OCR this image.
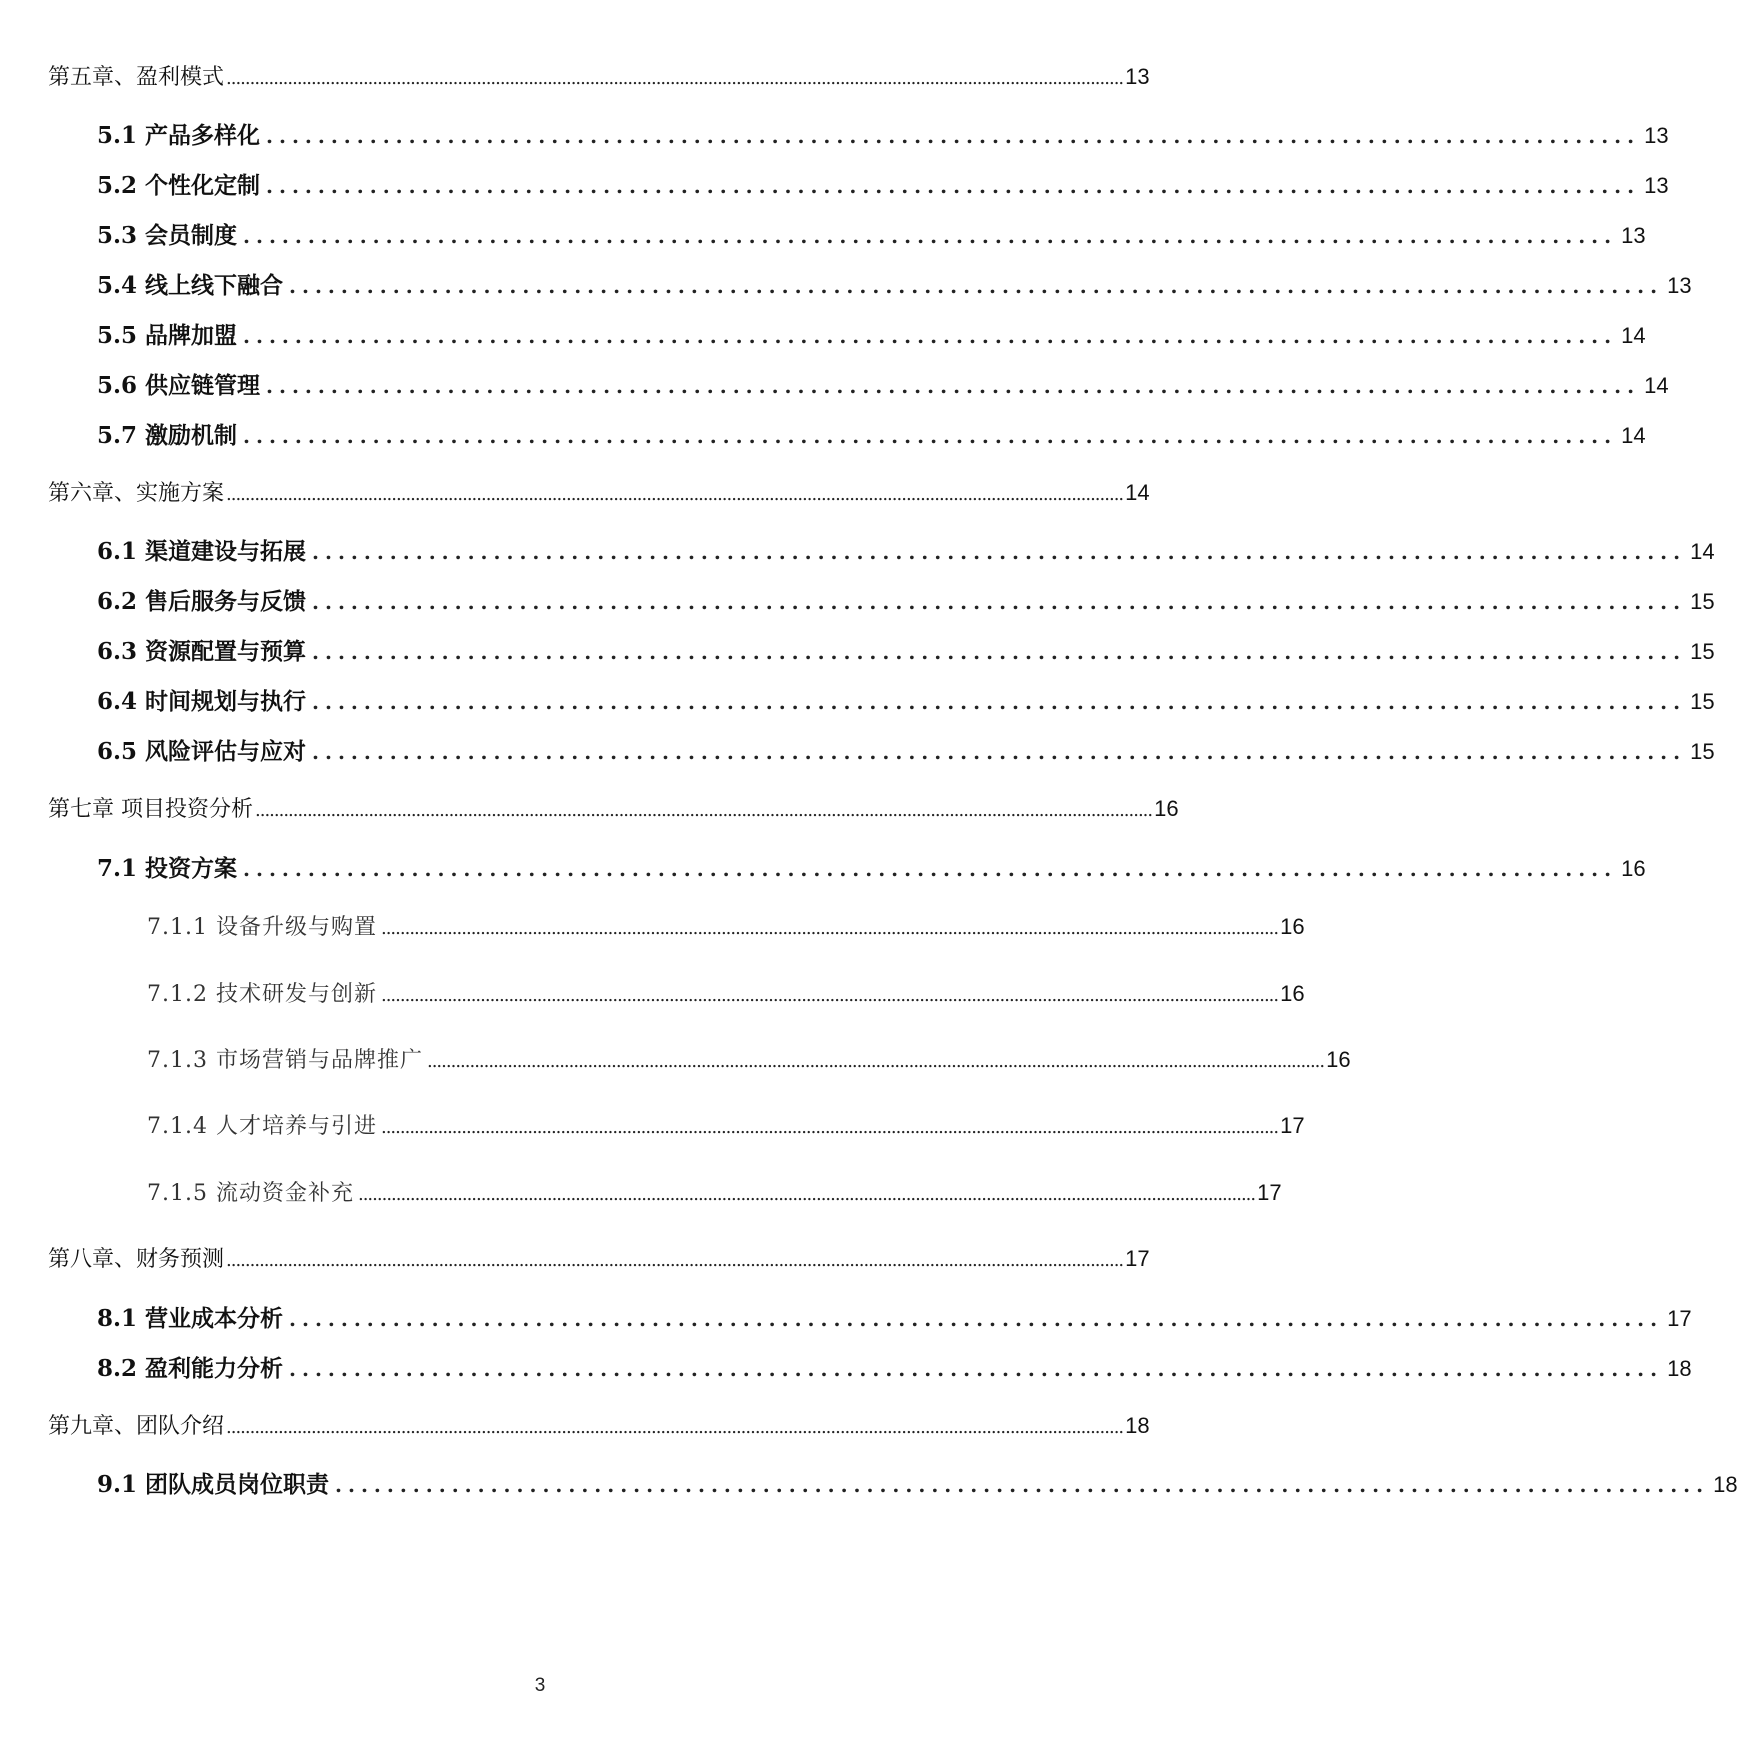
第五章、盈利模式 .............................................................................................................................................................................................. 13
5.1 产品多样化 .......................................................................................................... 13
5.2 个性化定制 .......................................................................................................... 13
5.3 会员制度 .......................................................................................................... 13
5.4 线上线下融合 .......................................................................................................... 13
5.5 品牌加盟 .......................................................................................................... 14
5.6 供应链管理 .......................................................................................................... 14
5.7 激励机制 .......................................................................................................... 14
第六章、实施方案 .............................................................................................................................................................................................. 14
6.1 渠道建设与拓展 .......................................................................................................... 14
6.2 售后服务与反馈 .......................................................................................................... 15
6.3 资源配置与预算 .......................................................................................................... 15
6.4 时间规划与执行 .......................................................................................................... 15
6.5 风险评估与应对 .......................................................................................................... 15
第七章 项目投资分析 .............................................................................................................................................................................................. 16
7.1 投资方案 .......................................................................................................... 16
7.1.1 设备升级与购置 .............................................................................................................................................................................................. 16
7.1.2 技术研发与创新 .............................................................................................................................................................................................. 16
7.1.3 市场营销与品牌推广 .............................................................................................................................................................................................. 16
7.1.4 人才培养与引进 .............................................................................................................................................................................................. 17
7.1.5 流动资金补充 .............................................................................................................................................................................................. 17
第八章、财务预测 .............................................................................................................................................................................................. 17
8.1 营业成本分析 .......................................................................................................... 17
8.2 盈利能力分析 .......................................................................................................... 18
第九章、团队介绍 .............................................................................................................................................................................................. 18
9.1 团队成员岗位职责 .......................................................................................................... 18
3
